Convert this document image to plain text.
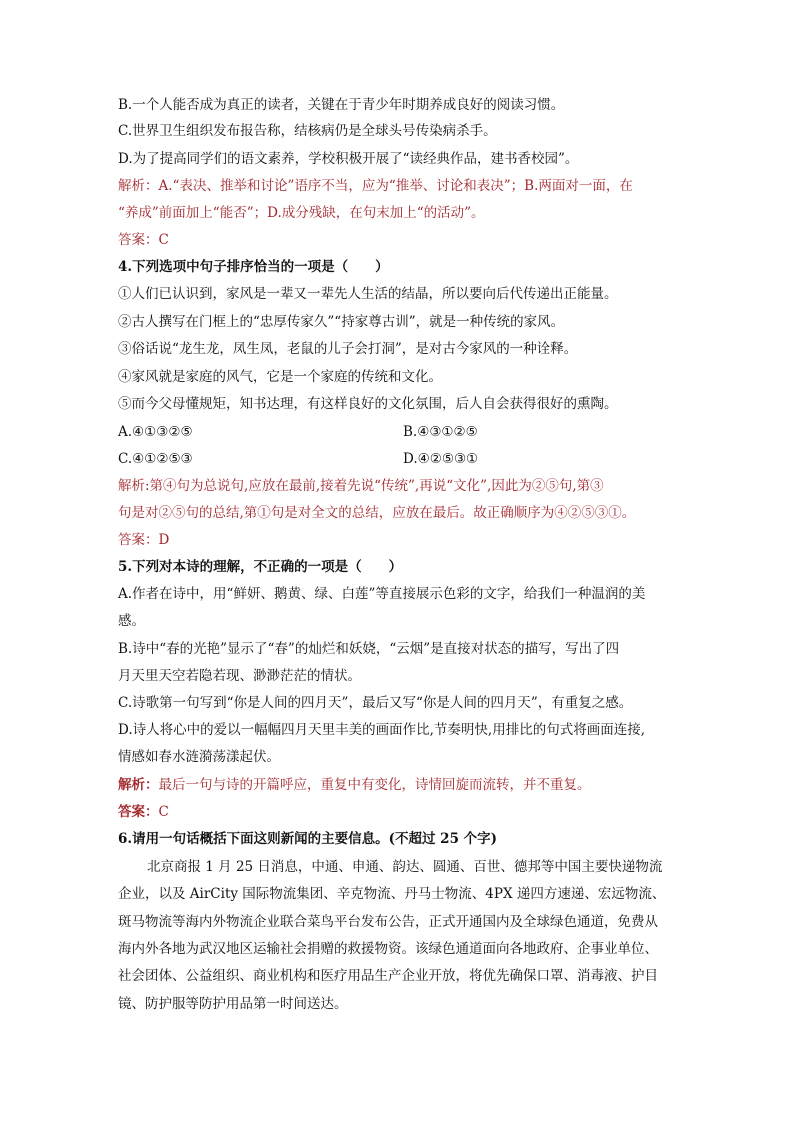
B.一个人能否成为真正的读者，关键在于青少年时期养成良好的阅读习惯。
C.世界卫生组织发布报告称，结核病仍是全球头号传染病杀手。
D.为了提高同学们的语文素养，学校积极开展了“读经典作品，建书香校园”。
解析：A.“表决、推举和讨论”语序不当，应为“推举、讨论和表决”；B.两面对一面，在
“养成”前面加上“能否”；D.成分残缺，在句末加上“的活动”。
答案：C
4.下列选项中句子排序恰当的一项是（　　）
①人们已认识到，家风是一辈又一辈先人生活的结晶，所以要向后代传递出正能量。
②古人撰写在门框上的“忠厚传家久”“持家尊古训”，就是一种传统的家风。
③俗话说“龙生龙，凤生凤，老鼠的儿子会打洞”，是对古今家风的一种诠释。
④家风就是家庭的风气，它是一个家庭的传统和文化。
⑤而今父母懂规矩，知书达理，有这样良好的文化氛围，后人自会获得很好的熏陶。
A.④①③②⑤	B.④③①②⑤
C.④①②⑤③	D.④②⑤③①
解析:第④句为总说句,应放在最前,接着先说“传统”,再说“文化”,因此为②⑤句,第③
句是对②⑤句的总结,第①句是对全文的总结，应放在最后。故正确顺序为④②⑤③①。
答案：D
5.下列对本诗的理解，不正确的一项是（　　）
A.作者在诗中，用“鲜妍、鹅黄、绿、白莲”等直接展示色彩的文字，给我们一种温润的美
感。
B.诗中“春的光艳”显示了“春”的灿烂和妖娆，“云烟”是直接对状态的描写，写出了四
月天里天空若隐若现、渺渺茫茫的情状。
C.诗歌第一句写到“你是人间的四月天”，最后又写“你是人间的四月天”，有重复之感。
D.诗人将心中的爱以一幅幅四月天里丰美的画面作比,节奏明快,用排比的句式将画面连接,
情感如春水涟漪荡漾起伏。
解析：最后一句与诗的开篇呼应，重复中有变化，诗情回旋而流转，并不重复。
答案：C
6.请用一句话概括下面这则新闻的主要信息。(不超过 25 个字)
北京商报 1 月 25 日消息，中通、申通、韵达、圆通、百世、德邦等中国主要快递物流
企业，以及 AirCity 国际物流集团、辛克物流、丹马士物流、4PX 递四方速递、宏远物流、
斑马物流等海内外物流企业联合菜鸟平台发布公告，正式开通国内及全球绿色通道，免费从
海内外各地为武汉地区运输社会捐赠的救援物资。该绿色通道面向各地政府、企事业单位、
社会团体、公益组织、商业机构和医疗用品生产企业开放，将优先确保口罩、消毒液、护目
镜、防护服等防护用品第一时间送达。
